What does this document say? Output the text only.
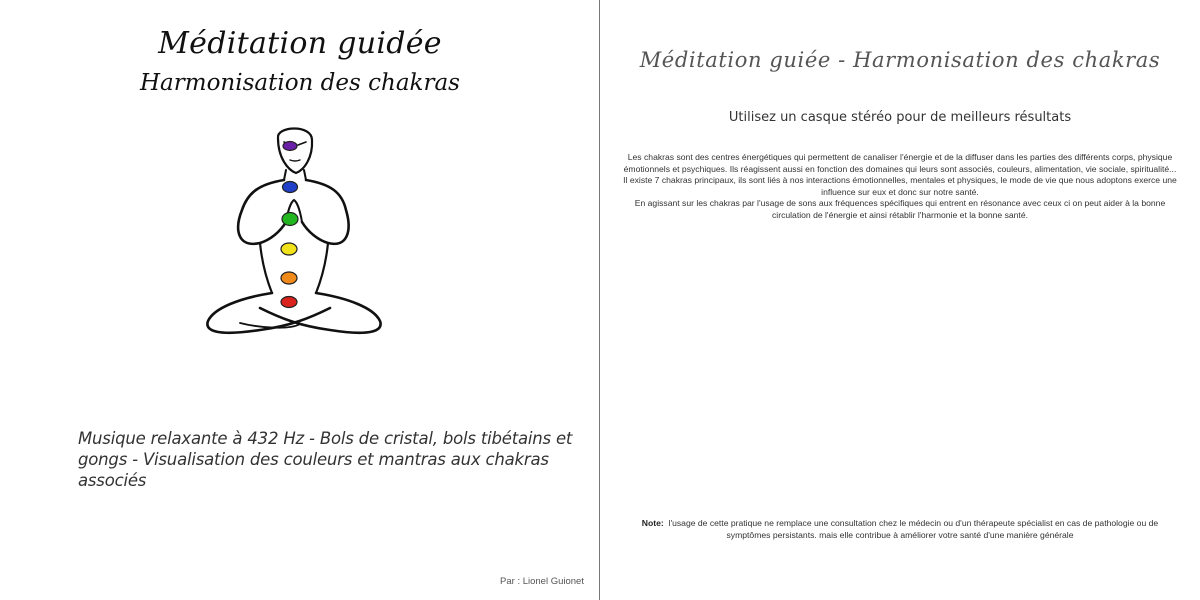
Méditation guidée
Harmonisation des chakras
Musique relaxante à 432 Hz - Bols de cristal, bols tibétains et gongs - Visualisation des couleurs et mantras aux chakras associés
Par : Lionel Guionet
Méditation guiée - Harmonisation des chakras
Utilisez un casque stéréo pour de meilleurs résultats

Les chakras sont des centres énergétiques qui permettent de canaliser l'énergie et de la diffuser dans les parties des différents corps, physique émotionnels et psychiques. Ils réagissent aussi en fonction des domaines qui leurs sont associés, couleurs, alimentation, vie sociale, spiritualité...

Il existe 7 chakras principaux, ils sont liés à nos interactions émotionnelles, mentales et physiques, le mode de vie que nous adoptons exerce une influence sur eux et donc sur notre santé.

En agissant sur les chakras par l'usage de sons aux fréquences spécifiques qui entrent en résonance avec ceux ci on peut aider à la bonne circulation de l'énergie et ainsi rétablir l'harmonie et la bonne santé.

Note: l'usage de cette pratique ne remplace une consultation chez le médecin ou d'un thérapeute spécialist en cas de pathologie ou de symptômes persistants. mais elle contribue à améliorer votre santé d'une manière générale
